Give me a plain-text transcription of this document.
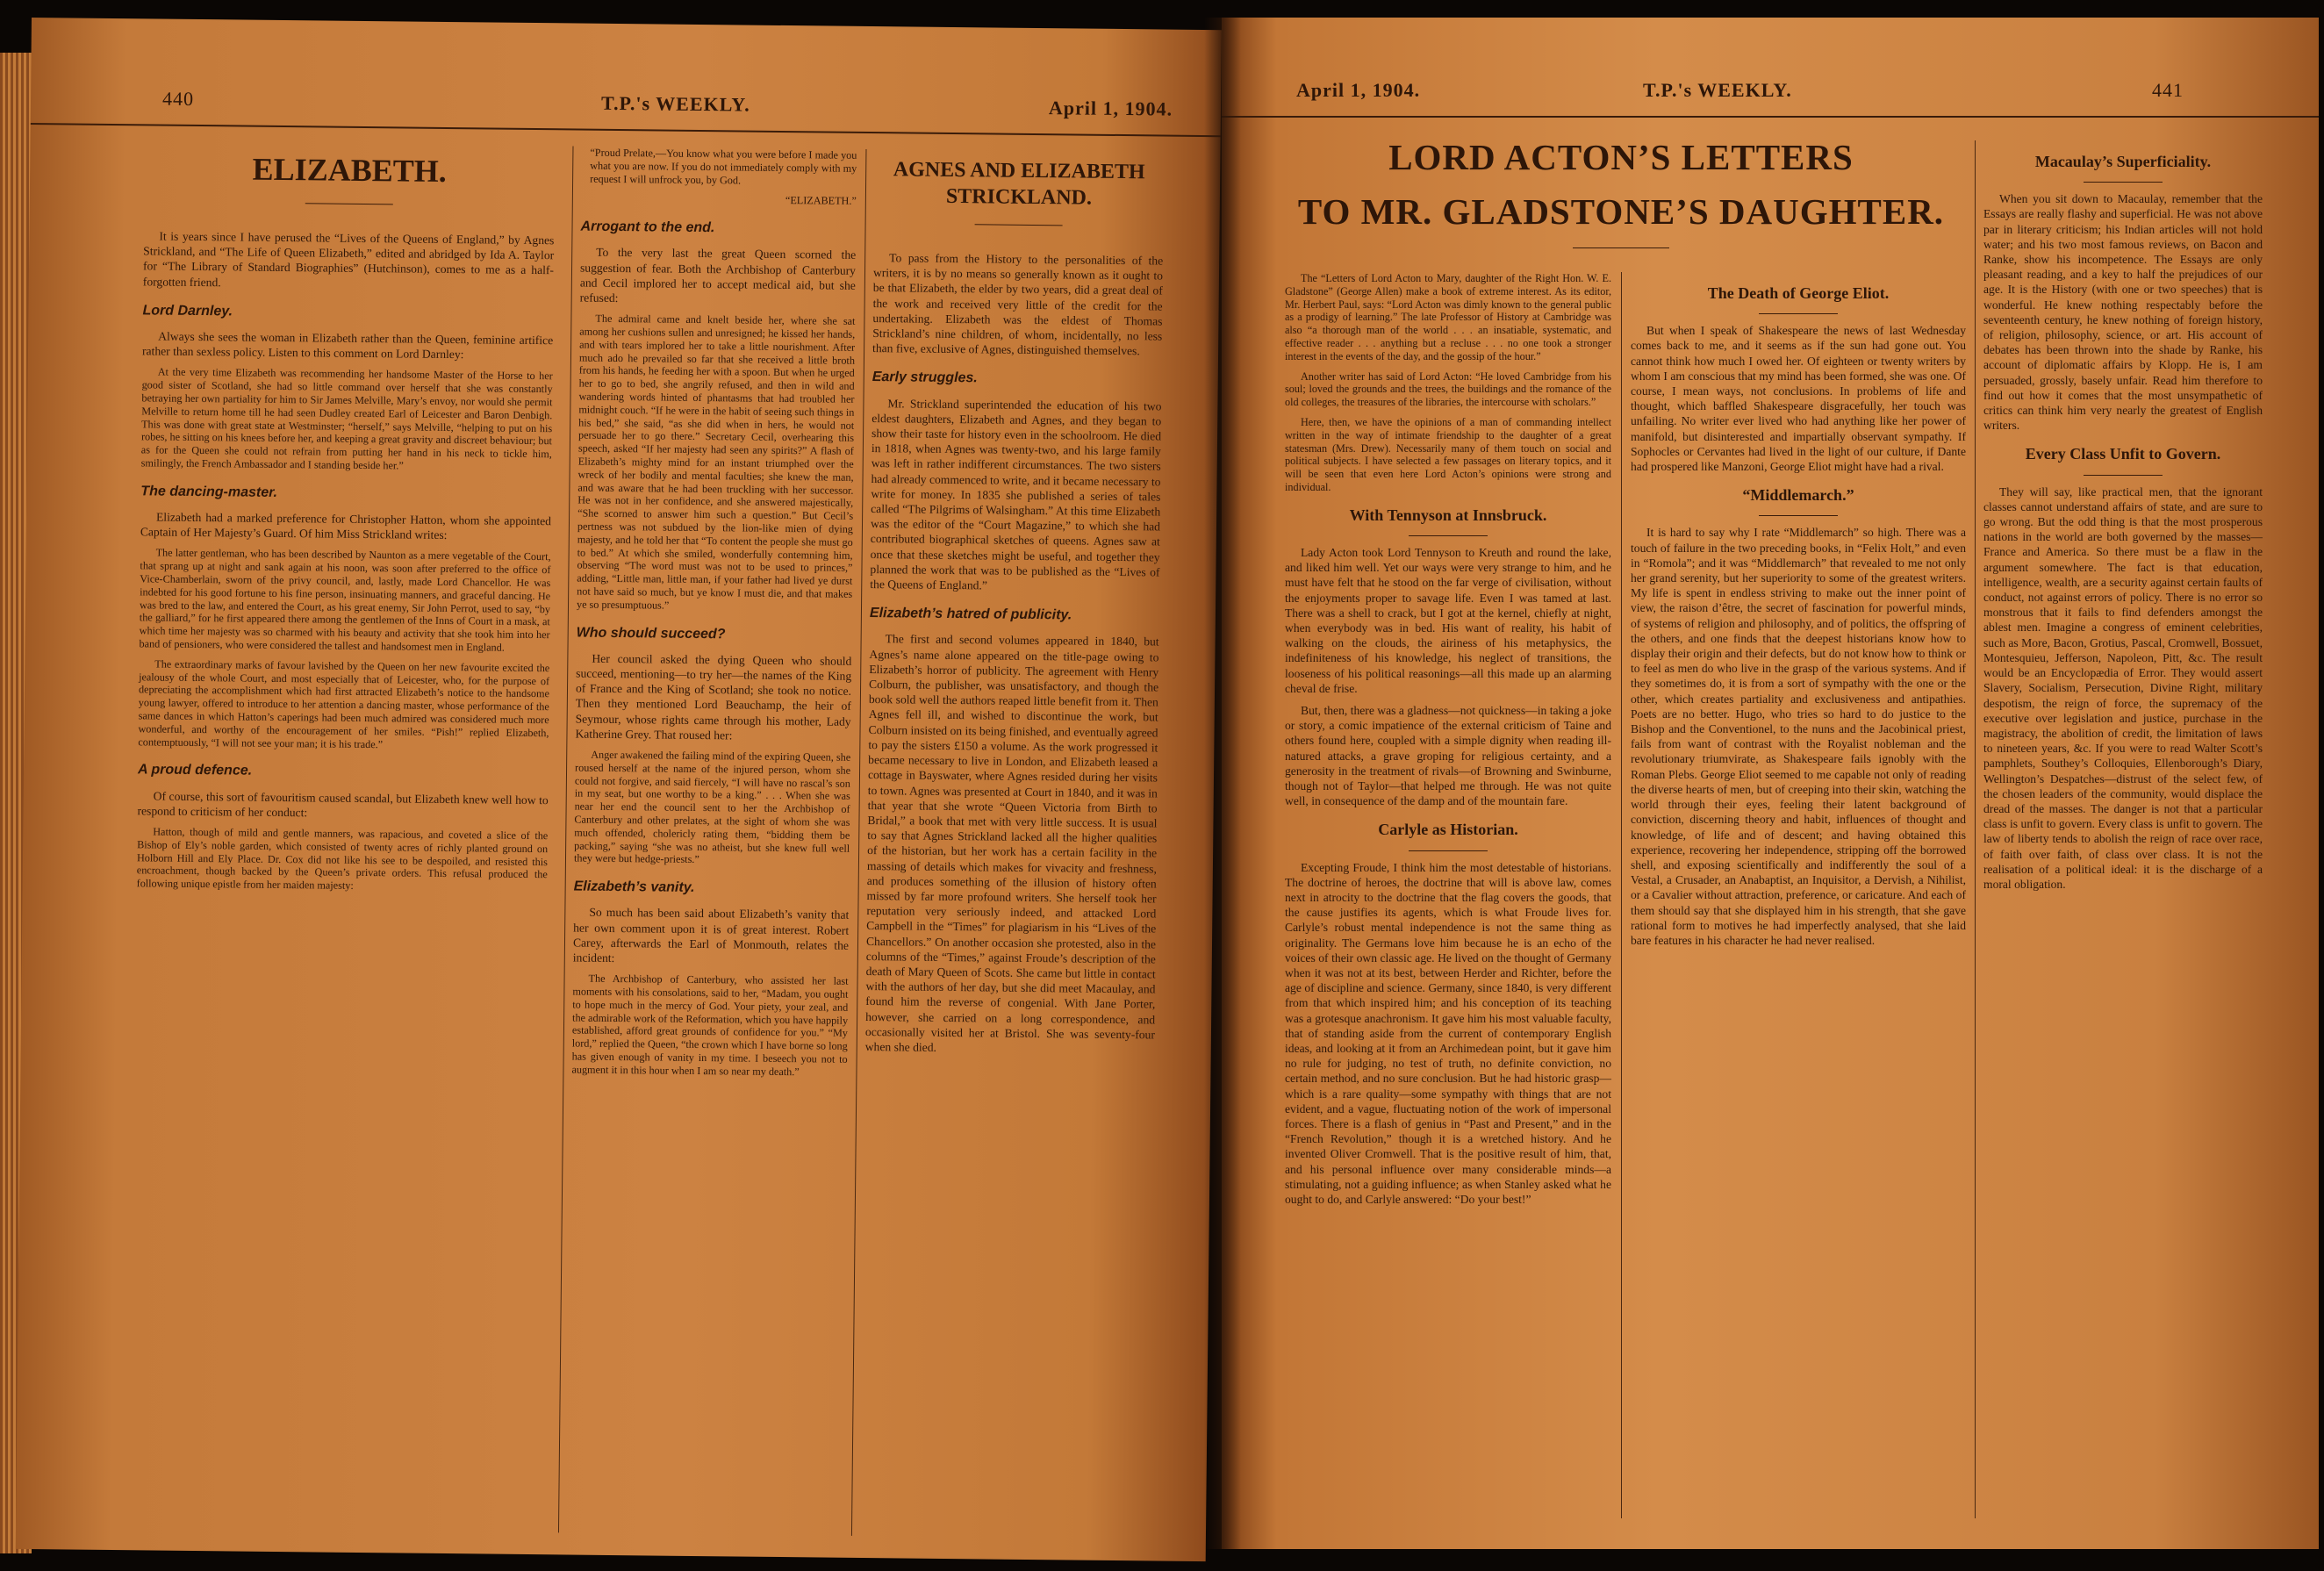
440	T.P.'s WEEKLY.	April 1, 1904.
ELIZABETH.

It is years since I have perused the “Lives of the Queens of England,” by Agnes Strickland, and “The Life of Queen Elizabeth,” edited and abridged by Ida A. Taylor for “The Library of Standard Biographies” (Hutchinson), comes to me as a half-forgotten friend.

Lord Darnley.

Always she sees the woman in Elizabeth rather than the Queen, feminine artifice rather than sexless policy. Listen to this comment on Lord Darnley:

At the very time Elizabeth was recommending her handsome Master of the Horse to her good sister of Scotland, she had so little command over herself that she was constantly betraying her own partiality for him to Sir James Melville, Mary’s envoy, nor would she permit Melville to return home till he had seen Dudley created Earl of Leicester and Baron Denbigh. This was done with great state at Westminster; “herself,” says Melville, “helping to put on his robes, he sitting on his knees before her, and keeping a great gravity and discreet behaviour; but as for the Queen she could not refrain from putting her hand in his neck to tickle him, smilingly, the French Ambassador and I standing beside her.”

The dancing-master.

Elizabeth had a marked preference for Christopher Hatton, whom she appointed Captain of Her Majesty’s Guard. Of him Miss Strickland writes:

The latter gentleman, who has been described by Naunton as a mere vegetable of the Court, that sprang up at night and sank again at his noon, was soon after preferred to the office of Vice-Chamberlain, sworn of the privy council, and, lastly, made Lord Chancellor. He was indebted for his good fortune to his fine person, insinuating manners, and graceful dancing. He was bred to the law, and entered the Court, as his great enemy, Sir John Perrot, used to say, “by the galliard,” for he first appeared there among the gentlemen of the Inns of Court in a mask, at which time her majesty was so charmed with his beauty and activity that she took him into her band of pensioners, who were considered the tallest and handsomest men in England.

The extraordinary marks of favour lavished by the Queen on her new favourite excited the jealousy of the whole Court, and most especially that of Leicester, who, for the purpose of depreciating the accomplishment which had first attracted Elizabeth’s notice to the handsome young lawyer, offered to introduce to her attention a dancing master, whose performance of the same dances in which Hatton’s caperings had been much admired was considered much more wonderful, and worthy of the encouragement of her smiles. “Pish!” replied Elizabeth, contemptuously, “I will not see your man; it is his trade.”

A proud defence.

Of course, this sort of favouritism caused scandal, but Elizabeth knew well how to respond to criticism of her conduct:

Hatton, though of mild and gentle manners, was rapacious, and coveted a slice of the Bishop of Ely’s noble garden, which consisted of twenty acres of richly planted ground on Holborn Hill and Ely Place. Dr. Cox did not like his see to be despoiled, and resisted this encroachment, though backed by the Queen’s private orders. This refusal produced the following unique epistle from her maiden majesty:

“Proud Prelate,—You know what you were before I made you what you are now. If you do not immediately comply with my request I will unfrock you, by God.

“ELIZABETH.”

Arrogant to the end.

To the very last the great Queen scorned the suggestion of fear. Both the Archbishop of Canterbury and Cecil implored her to accept medical aid, but she refused:

The admiral came and knelt beside her, where she sat among her cushions sullen and unresigned; he kissed her hands, and with tears implored her to take a little nourishment. After much ado he prevailed so far that she received a little broth from his hands, he feeding her with a spoon. But when he urged her to go to bed, she angrily refused, and then in wild and wandering words hinted of phantasms that had troubled her midnight couch. “If he were in the habit of seeing such things in his bed,” she said, “as she did when in hers, he would not persuade her to go there.” Secretary Cecil, overhearing this speech, asked “If her majesty had seen any spirits?” A flash of Elizabeth’s mighty mind for an instant triumphed over the wreck of her bodily and mental faculties; she knew the man, and was aware that he had been truckling with her successor. He was not in her confidence, and she answered majestically, “She scorned to answer him such a question.” But Cecil’s pertness was not subdued by the lion-like mien of dying majesty, and he told her that “To content the people she must go to bed.” At which she smiled, wonderfully contemning him, observing “The word must was not to be used to princes,” adding, “Little man, little man, if your father had lived ye durst not have said so much, but ye know I must die, and that makes ye so presumptuous.”

Who should succeed?

Her council asked the dying Queen who should succeed, mentioning—to try her—the names of the King of France and the King of Scotland; she took no notice. Then they mentioned Lord Beauchamp, the heir of Seymour, whose rights came through his mother, Lady Katherine Grey. That roused her:

Anger awakened the failing mind of the expiring Queen, she roused herself at the name of the injured person, whom she could not forgive, and said fiercely, “I will have no rascal’s son in my seat, but one worthy to be a king.” . . . When she was near her end the council sent to her the Archbishop of Canterbury and other prelates, at the sight of whom she was much offended, cholericly rating them, “bidding them be packing,” saying “she was no atheist, but she knew full well they were but hedge-priests.”

Elizabeth’s vanity.

So much has been said about Elizabeth’s vanity that her own comment upon it is of great interest. Robert Carey, afterwards the Earl of Monmouth, relates the incident:

The Archbishop of Canterbury, who assisted her last moments with his consolations, said to her, “Madam, you ought to hope much in the mercy of God. Your piety, your zeal, and the admirable work of the Reformation, which you have happily established, afford great grounds of confidence for you.” “My lord,” replied the Queen, “the crown which I have borne so long has given enough of vanity in my time. I beseech you not to augment it in this hour when I am so near my death.”

AGNES AND ELIZABETH STRICKLAND.

To pass from the History to the personalities of the writers, it is by no means so generally known as it ought to be that Elizabeth, the elder by two years, did a great deal of the work and received very little of the credit for the undertaking. Elizabeth was the eldest of Thomas Strickland’s nine children, of whom, incidentally, no less than five, exclusive of Agnes, distinguished themselves.

Early struggles.

Mr. Strickland superintended the education of his two eldest daughters, Elizabeth and Agnes, and they began to show their taste for history even in the schoolroom. He died in 1818, when Agnes was twenty-two, and his large family was left in rather indifferent circumstances. The two sisters had already commenced to write, and it became necessary to write for money. In 1835 she published a series of tales called “The Pilgrims of Walsingham.” At this time Elizabeth was the editor of the “Court Magazine,” to which she had contributed biographical sketches of queens. Agnes saw at once that these sketches might be useful, and together they planned the work that was to be published as the “Lives of the Queens of England.”

Elizabeth’s hatred of publicity.

The first and second volumes appeared in 1840, but Agnes’s name alone appeared on the title-page owing to Elizabeth’s horror of publicity. The agreement with Henry Colburn, the publisher, was unsatisfactory, and though the book sold well the authors reaped little benefit from it. Then Agnes fell ill, and wished to discontinue the work, but Colburn insisted on its being finished, and eventually agreed to pay the sisters £150 a volume. As the work progressed it became necessary to live in London, and Elizabeth leased a cottage in Bayswater, where Agnes resided during her visits to town. Agnes was presented at Court in 1840, and it was in that year that she wrote “Queen Victoria from Birth to Bridal,” a book that met with very little success. It is usual to say that Agnes Strickland lacked all the higher qualities of the historian, but her work has a certain facility in the massing of details which makes for vivacity and freshness, and produces something of the illusion of history often missed by far more profound writers. She herself took her reputation very seriously indeed, and attacked Lord Campbell in the “Times” for plagiarism in his “Lives of the Chancellors.” On another occasion she protested, also in the columns of the “Times,” against Froude’s description of the death of Mary Queen of Scots. She came but little in contact with the authors of her day, but she did meet Macaulay, and found him the reverse of congenial. With Jane Porter, however, she carried on a long correspondence, and occasionally visited her at Bristol. She was seventy-four when she died.

April 1, 1904.	T.P.'s WEEKLY.	441
LORD ACTON’S LETTERS
TO MR. GLADSTONE’S DAUGHTER.

The “Letters of Lord Acton to Mary, daughter of the Right Hon. W. E. Gladstone” (George Allen) make a book of extreme interest. As its editor, Mr. Herbert Paul, says: “Lord Acton was dimly known to the general public as a prodigy of learning.” The late Professor of History at Cambridge was also “a thorough man of the world . . . an insatiable, systematic, and effective reader . . . anything but a recluse . . . no one took a stronger interest in the events of the day, and the gossip of the hour.”

Another writer has said of Lord Acton: “He loved Cambridge from his soul; loved the grounds and the trees, the buildings and the romance of the old colleges, the treasures of the libraries, the intercourse with scholars.”

Here, then, we have the opinions of a man of commanding intellect written in the way of intimate friendship to the daughter of a great statesman (Mrs. Drew). Necessarily many of them touch on social and political subjects. I have selected a few passages on literary topics, and it will be seen that even here Lord Acton’s opinions were strong and individual.

With Tennyson at Innsbruck.

Lady Acton took Lord Tennyson to Kreuth and round the lake, and liked him well. Yet our ways were very strange to him, and he must have felt that he stood on the far verge of civilisation, without the enjoyments proper to savage life. Even I was tamed at last. There was a shell to crack, but I got at the kernel, chiefly at night, when everybody was in bed. His want of reality, his habit of walking on the clouds, the airiness of his metaphysics, the indefiniteness of his knowledge, his neglect of transitions, the looseness of his political reasonings—all this made up an alarming cheval de frise.

But, then, there was a gladness—not quickness—in taking a joke or story, a comic impatience of the external criticism of Taine and others found here, coupled with a simple dignity when reading ill-natured attacks, a grave groping for religious certainty, and a generosity in the treatment of rivals—of Browning and Swinburne, though not of Taylor—that helped me through. He was not quite well, in consequence of the damp and of the mountain fare.

Carlyle as Historian.

Excepting Froude, I think him the most detestable of historians. The doctrine of heroes, the doctrine that will is above law, comes next in atrocity to the doctrine that the flag covers the goods, that the cause justifies its agents, which is what Froude lives for. Carlyle’s robust mental independence is not the same thing as originality. The Germans love him because he is an echo of the voices of their own classic age. He lived on the thought of Germany when it was not at its best, between Herder and Richter, before the age of discipline and science. Germany, since 1840, is very different from that which inspired him; and his conception of its teaching was a grotesque anachronism. It gave him his most valuable faculty, that of standing aside from the current of contemporary English ideas, and looking at it from an Archimedean point, but it gave him no rule for judging, no test of truth, no definite conviction, no certain method, and no sure conclusion. But he had historic grasp—which is a rare quality—some sympathy with things that are not evident, and a vague, fluctuating notion of the work of impersonal forces. There is a flash of genius in “Past and Present,” and in the “French Revolution,” though it is a wretched history. And he invented Oliver Cromwell. That is the positive result of him, that, and his personal influence over many considerable minds—a stimulating, not a guiding influence; as when Stanley asked what he ought to do, and Carlyle answered: “Do your best!”

The Death of George Eliot.

But when I speak of Shakespeare the news of last Wednesday comes back to me, and it seems as if the sun had gone out. You cannot think how much I owed her. Of eighteen or twenty writers by whom I am conscious that my mind has been formed, she was one. Of course, I mean ways, not conclusions. In problems of life and thought, which baffled Shakespeare disgracefully, her touch was unfailing. No writer ever lived who had anything like her power of manifold, but disinterested and impartially observant sympathy. If Sophocles or Cervantes had lived in the light of our culture, if Dante had prospered like Manzoni, George Eliot might have had a rival.

“Middlemarch.”

It is hard to say why I rate “Middlemarch” so high. There was a touch of failure in the two preceding books, in “Felix Holt,” and even in “Romola”; and it was “Middlemarch” that revealed to me not only her grand serenity, but her superiority to some of the greatest writers. My life is spent in endless striving to make out the inner point of view, the raison d’être, the secret of fascination for powerful minds, of systems of religion and philosophy, and of politics, the offspring of the others, and one finds that the deepest historians know how to display their origin and their defects, but do not know how to think or to feel as men do who live in the grasp of the various systems. And if they sometimes do, it is from a sort of sympathy with the one or the other, which creates partiality and exclusiveness and antipathies. Poets are no better. Hugo, who tries so hard to do justice to the Bishop and the Conventionel, to the nuns and the Jacobinical priest, fails from want of contrast with the Royalist nobleman and the revolutionary triumvirate, as Shakespeare fails ignobly with the Roman Plebs. George Eliot seemed to me capable not only of reading the diverse hearts of men, but of creeping into their skin, watching the world through their eyes, feeling their latent background of conviction, discerning theory and habit, influences of thought and knowledge, of life and of descent; and having obtained this experience, recovering her independence, stripping off the borrowed shell, and exposing scientifically and indifferently the soul of a Vestal, a Crusader, an Anabaptist, an Inquisitor, a Dervish, a Nihilist, or a Cavalier without attraction, preference, or caricature. And each of them should say that she displayed him in his strength, that she gave rational form to motives he had imperfectly analysed, that she laid bare features in his character he had never realised.

Macaulay’s Superficiality.

When you sit down to Macaulay, remember that the Essays are really flashy and superficial. He was not above par in literary criticism; his Indian articles will not hold water; and his two most famous reviews, on Bacon and Ranke, show his incompetence. The Essays are only pleasant reading, and a key to half the prejudices of our age. It is the History (with one or two speeches) that is wonderful. He knew nothing respectably before the seventeenth century, he knew nothing of foreign history, of religion, philosophy, science, or art. His account of debates has been thrown into the shade by Ranke, his account of diplomatic affairs by Klopp. He is, I am persuaded, grossly, basely unfair. Read him therefore to find out how it comes that the most unsympathetic of critics can think him very nearly the greatest of English writers.

Every Class Unfit to Govern.

They will say, like practical men, that the ignorant classes cannot understand affairs of state, and are sure to go wrong. But the odd thing is that the most prosperous nations in the world are both governed by the masses—France and America. So there must be a flaw in the argument somewhere. The fact is that education, intelligence, wealth, are a security against certain faults of conduct, not against errors of policy. There is no error so monstrous that it fails to find defenders amongst the ablest men. Imagine a congress of eminent celebrities, such as More, Bacon, Grotius, Pascal, Cromwell, Bossuet, Montesquieu, Jefferson, Napoleon, Pitt, &c. The result would be an Encyclopædia of Error. They would assert Slavery, Socialism, Persecution, Divine Right, military despotism, the reign of force, the supremacy of the executive over legislation and justice, purchase in the magistracy, the abolition of credit, the limitation of laws to nineteen years, &c. If you were to read Walter Scott’s pamphlets, Southey’s Colloquies, Ellenborough’s Diary, Wellington’s Despatches—distrust of the select few, of the chosen leaders of the community, would displace the dread of the masses. The danger is not that a particular class is unfit to govern. Every class is unfit to govern. The law of liberty tends to abolish the reign of race over race, of faith over faith, of class over class. It is not the realisation of a political ideal: it is the discharge of a moral obligation.
